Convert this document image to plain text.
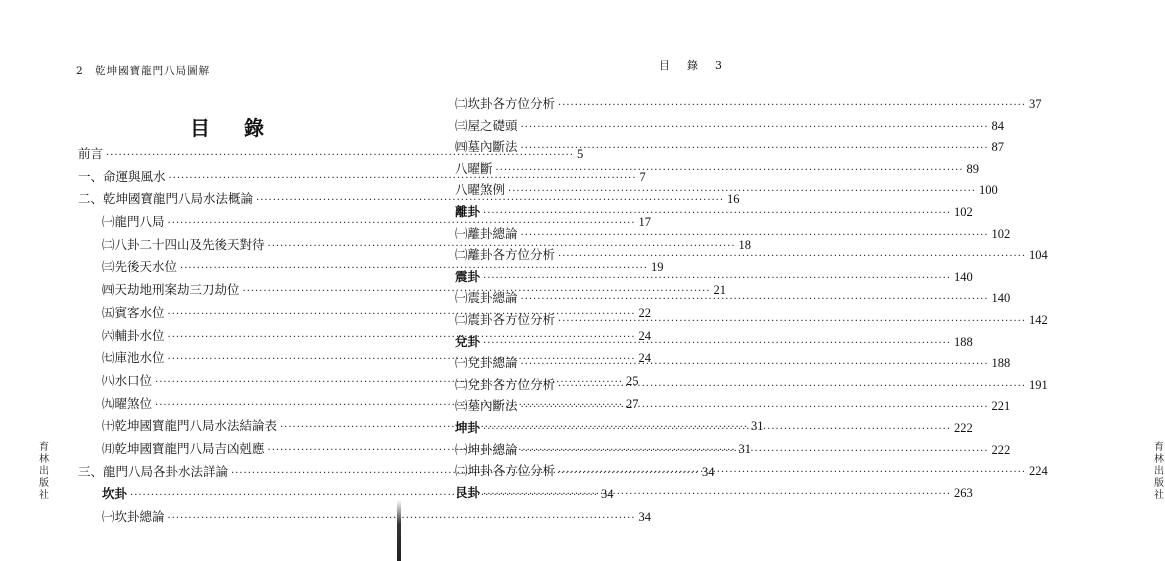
2　乾坤國寶龍門八局圖解
目錄
前言 ·····	5
一、命運與風水 ·····	7
二、乾坤國寶龍門八局水法概論 ·····	16
㈠龍門八局 ·····	17
㈡八卦二十四山及先後天對待 ·····	18
㈢先後天水位 ·····	19
㈣天劫地刑案劫三刀劫位 ·····	21
㈤賓客水位 ·····	22
㈥輔卦水位 ·····	24
㈦庫池水位 ·····	24
㈧水口位 ·····	25
㈨曜煞位 ·····	27
㈩乾坤國寶龍門八局水法結論表 ·····	31
㈪乾坤國寶龍門八局吉凶剋應 ·····	31
三、龍門八局各卦水法詳論 ·····	34
坎卦 ·····	34
㈠坎卦總論 ·····	34
育林出版社
目　錄　3
育林出版社
㈡坎卦各方位分析 ·····	37
㈢屋之礎頭 ·····	84
㈣墓內斷法 ·····	87
八曜斷 ·····	89
八曜煞例 ·····	100
離卦 ·····	102
㈠離卦總論 ·····	102
㈡離卦各方位分析 ·····	104
震卦 ·····	140
㈠震卦總論 ·····	140
㈡震卦各方位分析 ·····	142
兌卦 ·····	188
㈠兌卦總論 ·····	188
㈡兌卦各方位分析 ·····	191
㈢墓內斷法 ·····	221
坤卦 ·····	222
㈠坤卦總論 ·····	222
㈡坤卦各方位分析 ·····	224
艮卦 ·····	263
